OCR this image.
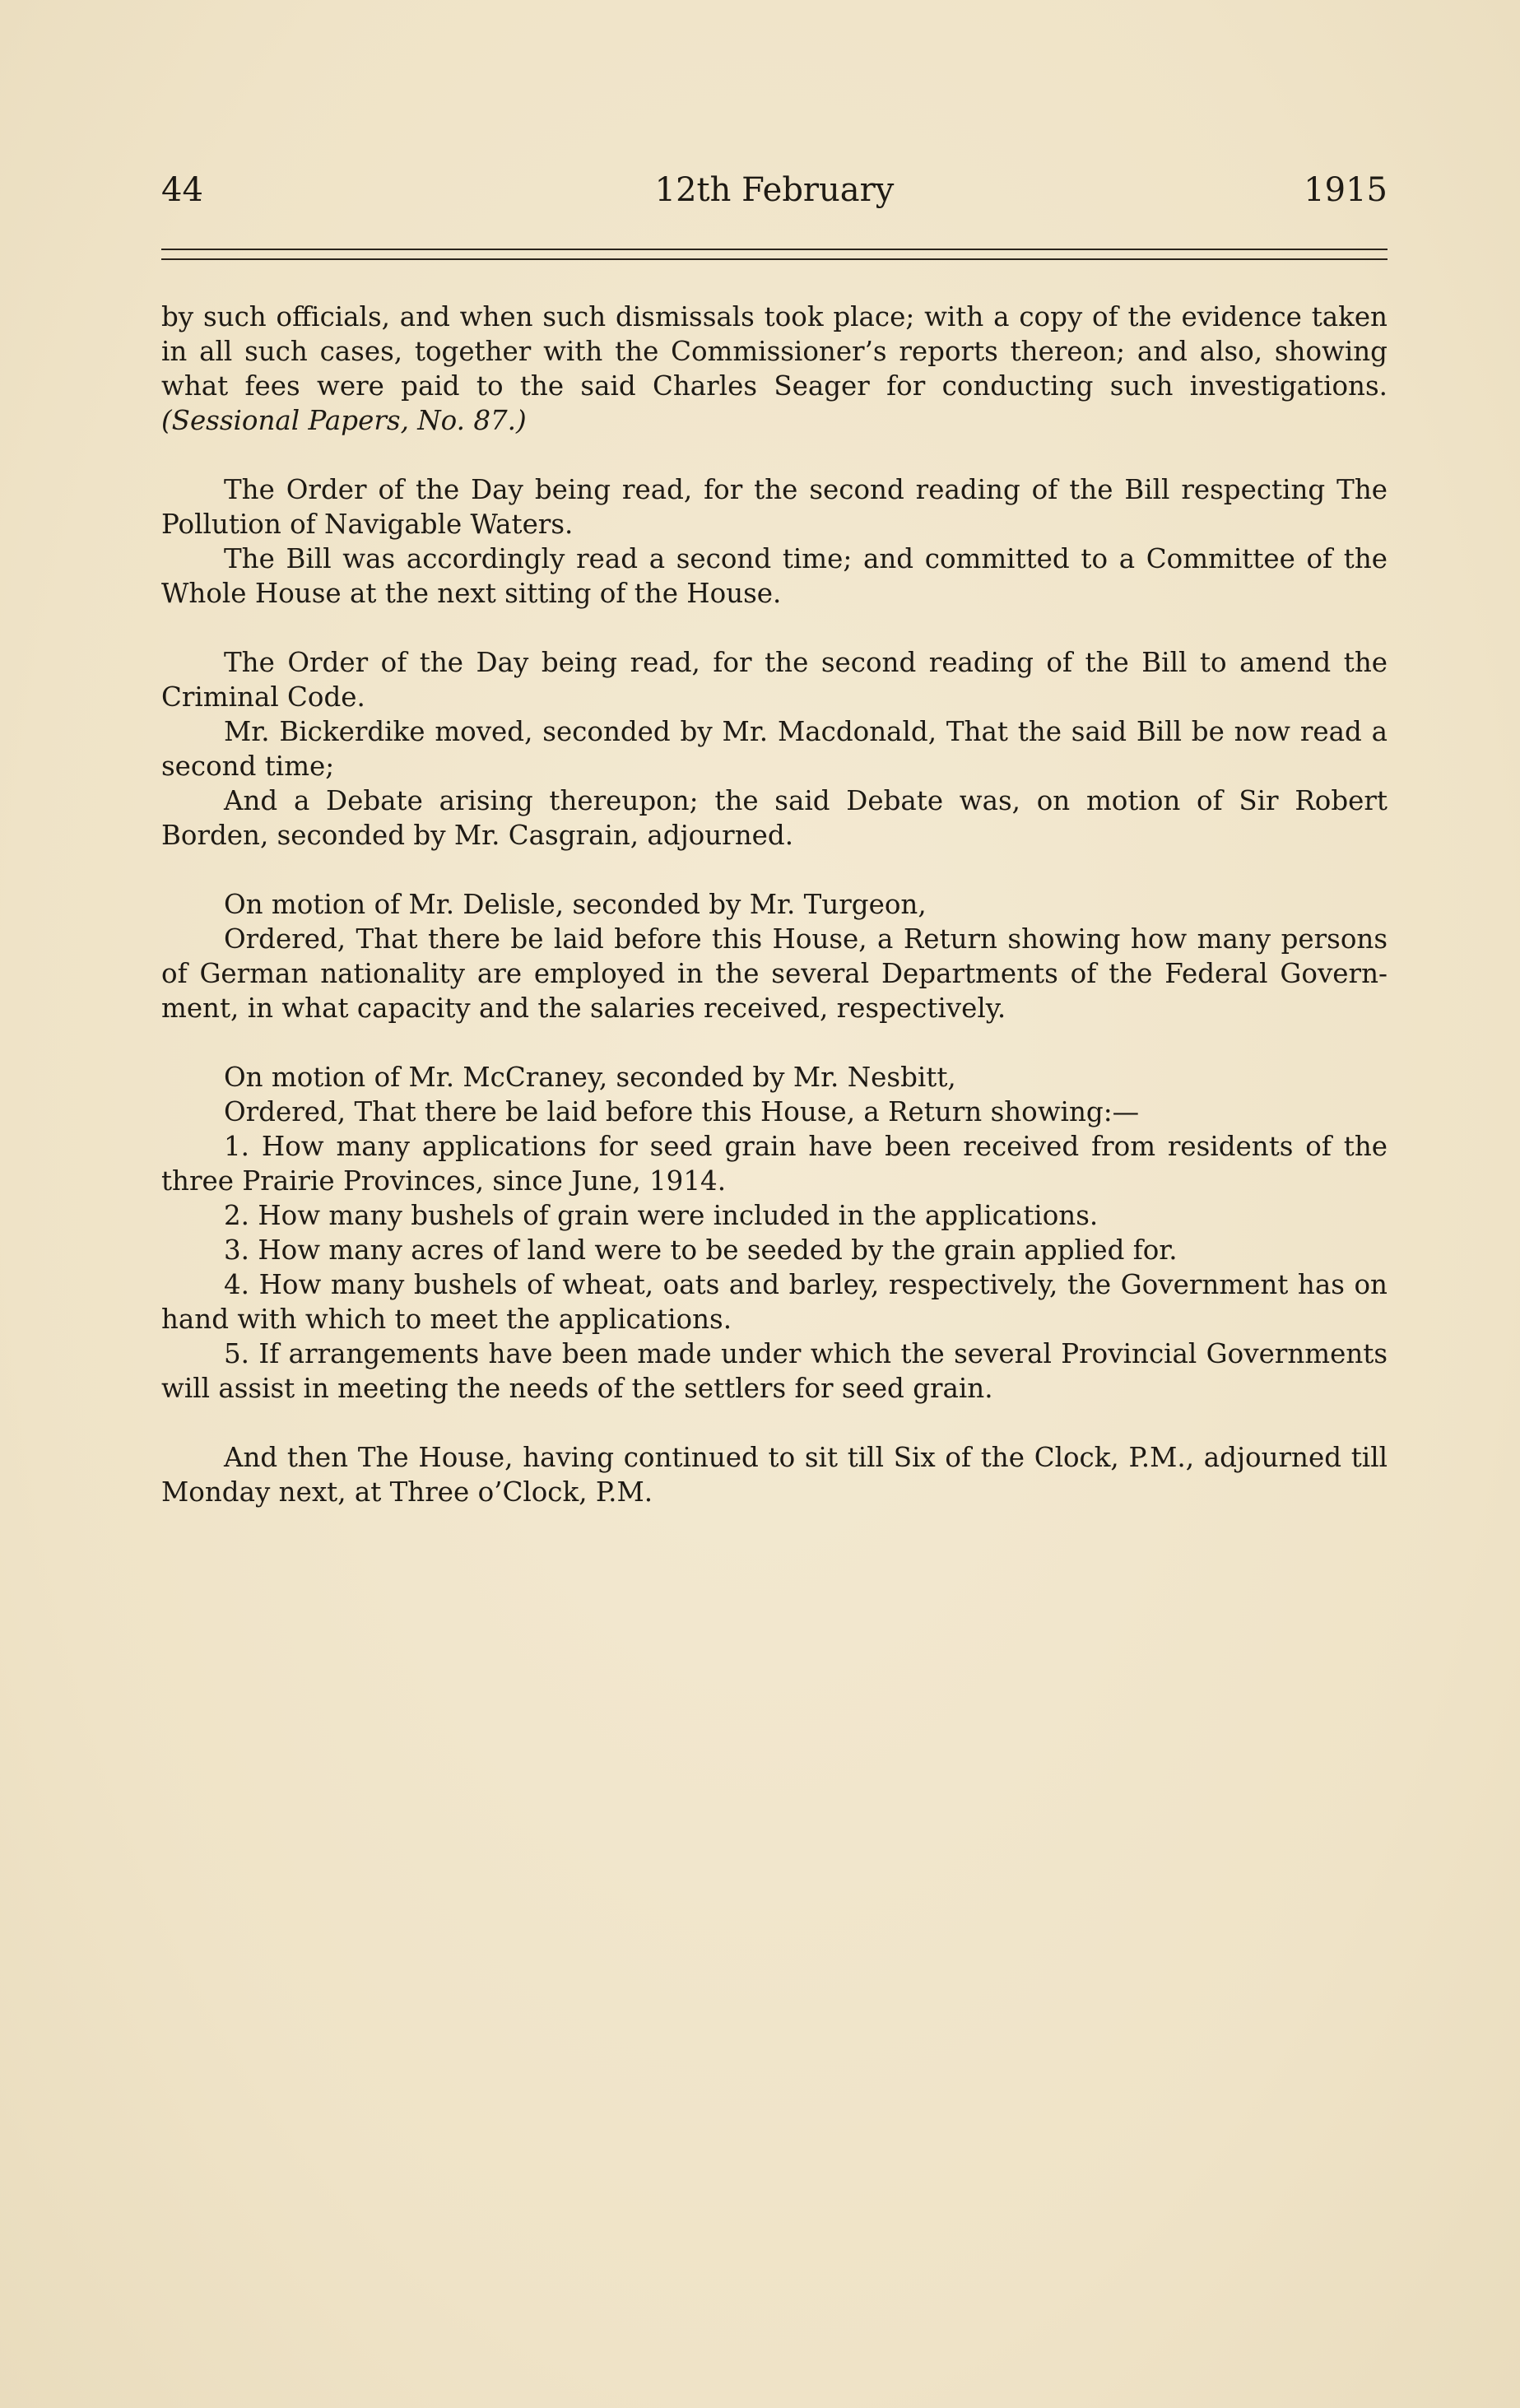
44	12th February	1915

by such officials, and when such dismissals took place; with a copy of the evidence taken in all such cases, together with the Commissioner’s reports thereon; and also, showing what fees were paid to the said Charles Seager for conducting such investigations. (Sessional Papers, No. 87.)

The Order of the Day being read, for the second reading of the Bill respecting The Pollution of Navigable Waters.

The Bill was accordingly read a second time; and committed to a Committee of the Whole House at the next sitting of the House.

The Order of the Day being read, for the second reading of the Bill to amend the Criminal Code.

Mr. Bickerdike moved, seconded by Mr. Macdonald, That the said Bill be now read a second time;

And a Debate arising thereupon; the said Debate was, on motion of Sir Robert Borden, seconded by Mr. Casgrain, adjourned.

On motion of Mr. Delisle, seconded by Mr. Turgeon,

Ordered, That there be laid before this House, a Return showing how many persons of German nationality are employed in the several Departments of the Federal Government, in what capacity and the salaries received, respectively.

On motion of Mr. McCraney, seconded by Mr. Nesbitt,

Ordered, That there be laid before this House, a Return showing:—

1. How many applications for seed grain have been received from residents of the three Prairie Provinces, since June, 1914.

2. How many bushels of grain were included in the applications.

3. How many acres of land were to be seeded by the grain applied for.

4. How many bushels of wheat, oats and barley, respectively, the Government has on hand with which to meet the applications.

5. If arrangements have been made under which the several Provincial Governments will assist in meeting the needs of the settlers for seed grain.

And then The House, having continued to sit till Six of the Clock, P.M., adjourned till Monday next, at Three o’Clock, P.M.
